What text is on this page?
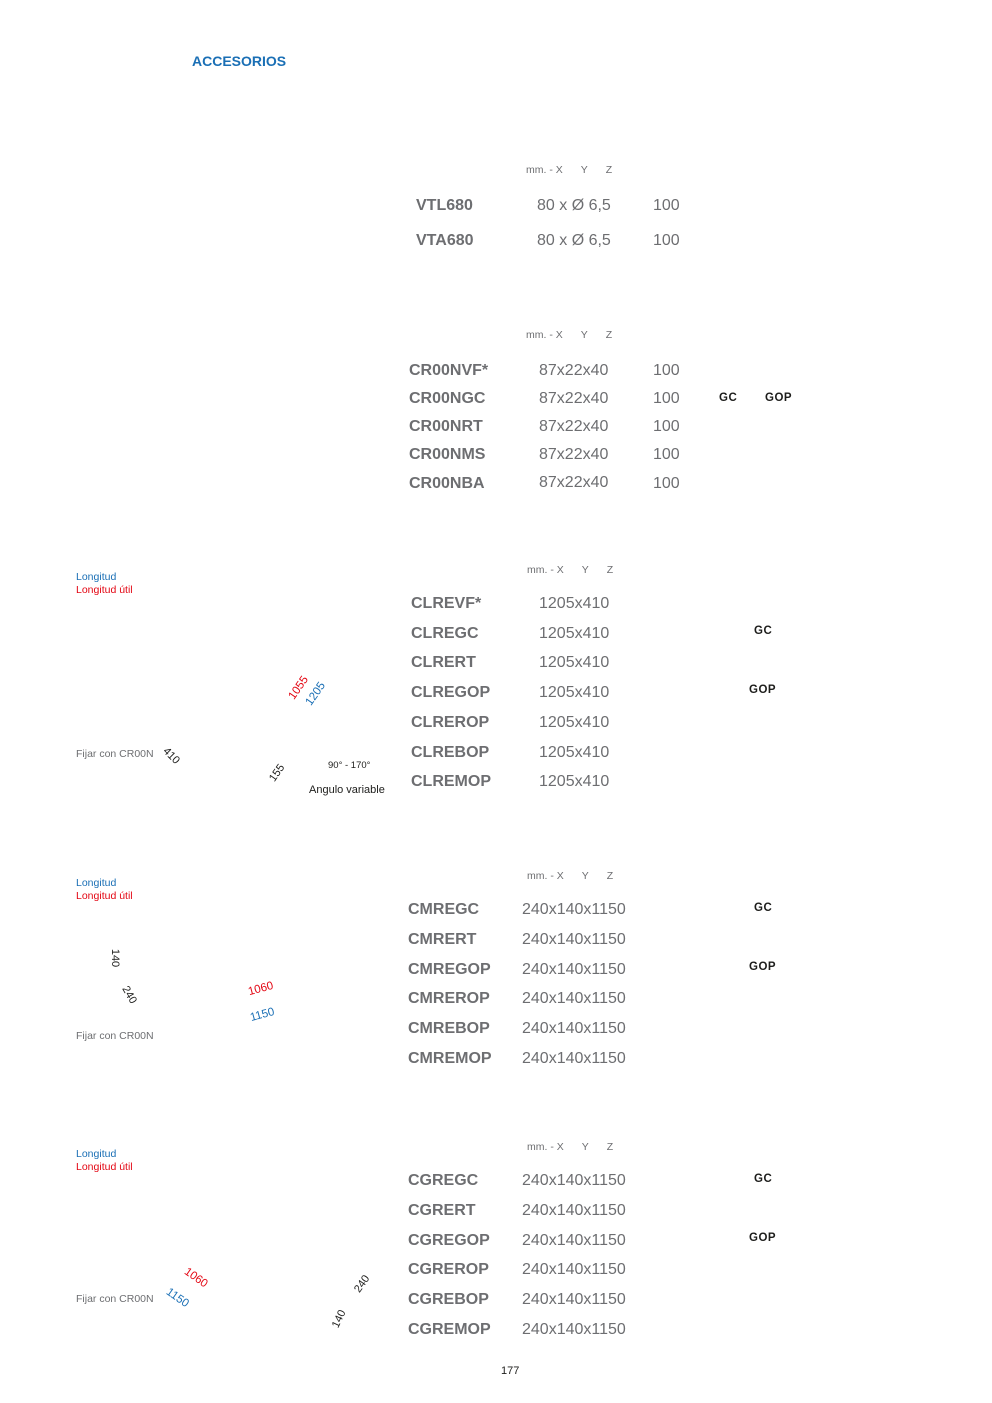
ACCESORIOS
mm. - X Y Z
VTL680	80 x Ø 6,5	100
VTA680	80 x Ø 6,5	100
mm. - X Y Z
CR00NVF*	87x22x40	100
CR00NGC	87x22x40	100	GC GOP
CR00NRT	87x22x40	100
CR00NMS	87x22x40	100
CR00NBA	87x22x40	100
Longitud
Longitud útil
Fijar con CR00N 410
1055
1205
155	90° - 170°
Angulo variable
mm. - X Y Z
CLREVF*	1205x410
CLREGC	1205x410	GC
CLRERT	1205x410
CLREGOP	1205x410	GOP
CLREROP	1205x410
CLREBOP	1205x410
CLREMOP	1205x410
Longitud
Longitud útil
Fijar con CR00N
140
240	1060
1150
mm. - X Y Z
CMREGC	240x140x1150	GC
CMRERT	240x140x1150
CMREGOP 240x140x1150	GOP
CMREROP 240x140x1150
CMREBOP 240x140x1150
CMREMOP 240x140x1150
Longitud
Longitud útil
Fijar con CR00N
1060
1150
240
140
mm. - X Y Z
CGREGC	240x140x1150	GC
CGRERT	240x140x1150
CGREGOP 240x140x1150	GOP
CGREROP 240x140x1150
CGREBOP 240x140x1150
CGREMOP 240x140x1150
177
